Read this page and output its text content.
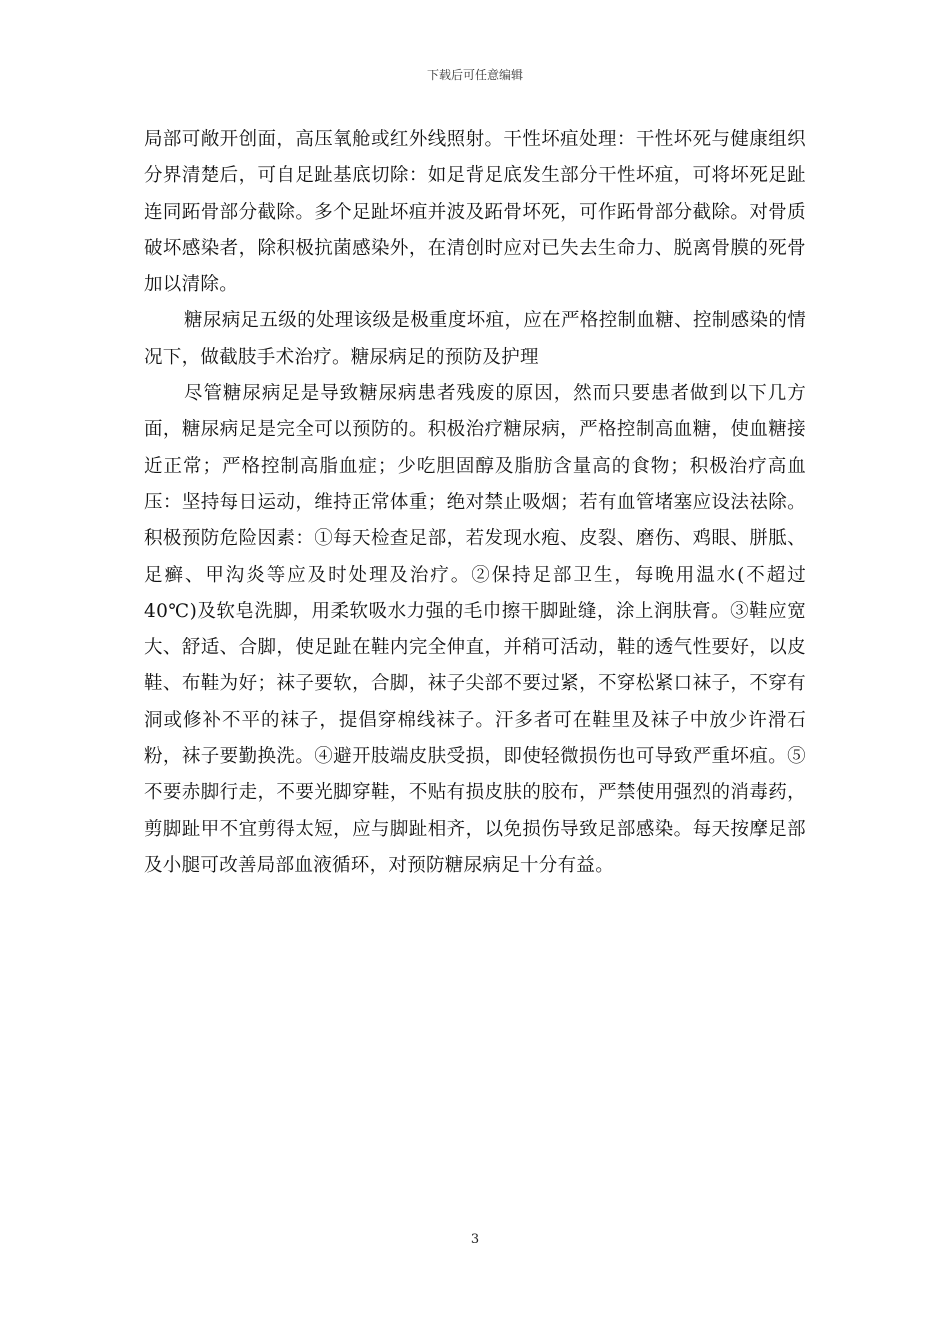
下载后可任意编辑

局部可敞开创面，高压氧舱或红外线照射。干性坏疽处理：干性坏死与健康组织分界清楚后，可自足趾基底切除：如足背足底发生部分干性坏疽，可将坏死足趾连同跖骨部分截除。多个足趾坏疽并波及跖骨坏死，可作跖骨部分截除。对骨质破坏感染者，除积极抗菌感染外，在清创时应对已失去生命力、脱离骨膜的死骨加以清除。

糖尿病足五级的处理该级是极重度坏疽，应在严格控制血糖、控制感染的情况下，做截肢手术治疗。糖尿病足的预防及护理

尽管糖尿病足是导致糖尿病患者残废的原因，然而只要患者做到以下几方面，糖尿病足是完全可以预防的。积极治疗糖尿病，严格控制高血糖，使血糖接近正常；严格控制高脂血症；少吃胆固醇及脂肪含量高的食物；积极治疗高血压：坚持每日运动，维持正常体重；绝对禁止吸烟；若有血管堵塞应设法祛除。积极预防危险因素：①每天检查足部，若发现水疱、皮裂、磨伤、鸡眼、胼胝、足癣、甲沟炎等应及时处理及治疗。②保持足部卫生，每晚用温水(不超过 40℃)及软皂洗脚，用柔软吸水力强的毛巾擦干脚趾缝，涂上润肤膏。③鞋应宽大、舒适、合脚，使足趾在鞋内完全伸直，并稍可活动，鞋的透气性要好，以皮鞋、布鞋为好；袜子要软，合脚，袜子尖部不要过紧，不穿松紧口袜子，不穿有洞或修补不平的袜子，提倡穿棉线袜子。汗多者可在鞋里及袜子中放少许滑石粉，袜子要勤换洗。④避开肢端皮肤受损，即使轻微损伤也可导致严重坏疽。⑤不要赤脚行走，不要光脚穿鞋，不贴有损皮肤的胶布，严禁使用强烈的消毒药，剪脚趾甲不宜剪得太短，应与脚趾相齐，以免损伤导致足部感染。每天按摩足部及小腿可改善局部血液循环，对预防糖尿病足十分有益。

3
